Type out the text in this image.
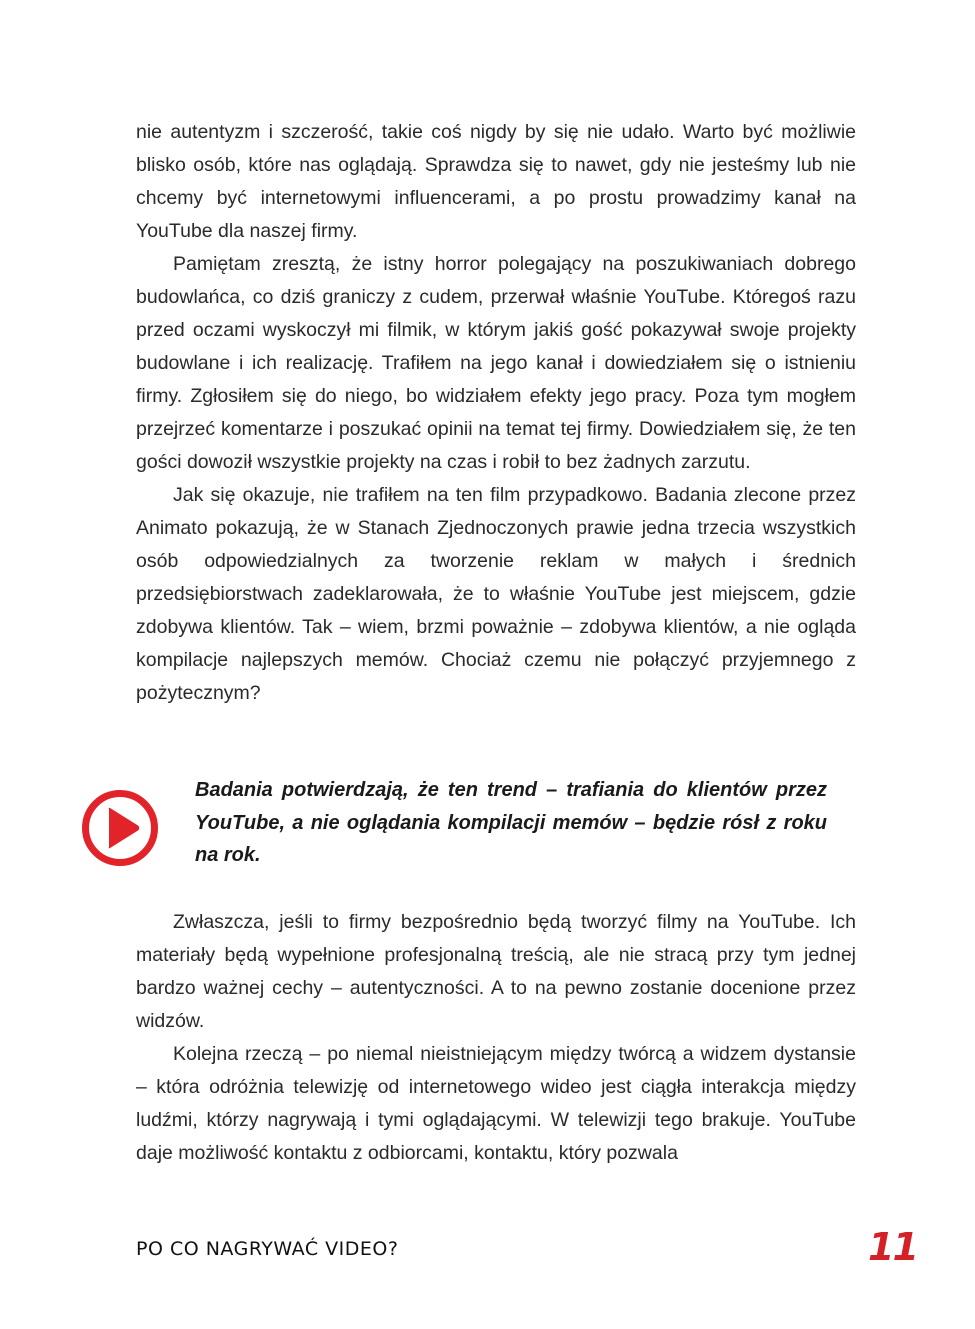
nie autentyzm i szczerość, takie coś nigdy by się nie udało. Warto być możliwie blisko osób, które nas oglądają. Sprawdza się to nawet, gdy nie jesteśmy lub nie chcemy być internetowymi influencerami, a po prostu prowadzimy kanał na YouTube dla naszej firmy.

Pamiętam zresztą, że istny horror polegający na poszukiwaniach dobrego budowlańca, co dziś graniczy z cudem, przerwał właśnie YouTube. Któregoś razu przed oczami wyskoczył mi filmik, w którym jakiś gość pokazywał swoje projekty budowlane i ich realizację. Trafiłem na jego kanał i dowiedziałem się o istnieniu firmy. Zgłosiłem się do niego, bo widziałem efekty jego pracy. Poza tym mogłem przejrzeć komentarze i poszukać opinii na temat tej firmy. Dowiedziałem się, że ten gości dowoził wszystkie projekty na czas i robił to bez żadnych zarzutu.

Jak się okazuje, nie trafiłem na ten film przypadkowo. Badania zlecone przez Animato pokazują, że w Stanach Zjednoczonych prawie jedna trzecia wszystkich osób odpowiedzialnych za tworzenie reklam w małych i średnich przedsiębiorstwach zadeklarowała, że to właśnie YouTube jest miejscem, gdzie zdobywa klientów. Tak – wiem, brzmi poważnie – zdobywa klientów, a nie ogląda kompilacje najlepszych memów. Chociaż czemu nie połączyć przyjemnego z pożytecznym?

Badania potwierdzają, że ten trend – trafiania do klientów przez YouTube, a nie oglądania kompilacji memów – będzie rósł z roku na rok.

Zwłaszcza, jeśli to firmy bezpośrednio będą tworzyć filmy na YouTube. Ich materiały będą wypełnione profesjonalną treścią, ale nie stracą przy tym jednej bardzo ważnej cechy – autentyczności. A to na pewno zostanie docenione przez widzów.

Kolejna rzeczą – po niemal nieistniejącym między twórcą a widzem dystansie – która odróżnia telewizję od internetowego wideo jest ciągła interakcja między ludźmi, którzy nagrywają i tymi oglądającymi. W telewizji tego brakuje. YouTube daje możliwość kontaktu z odbiorcami, kontaktu, który pozwala

PO CO NAGRYWAĆ VIDEO?	11
